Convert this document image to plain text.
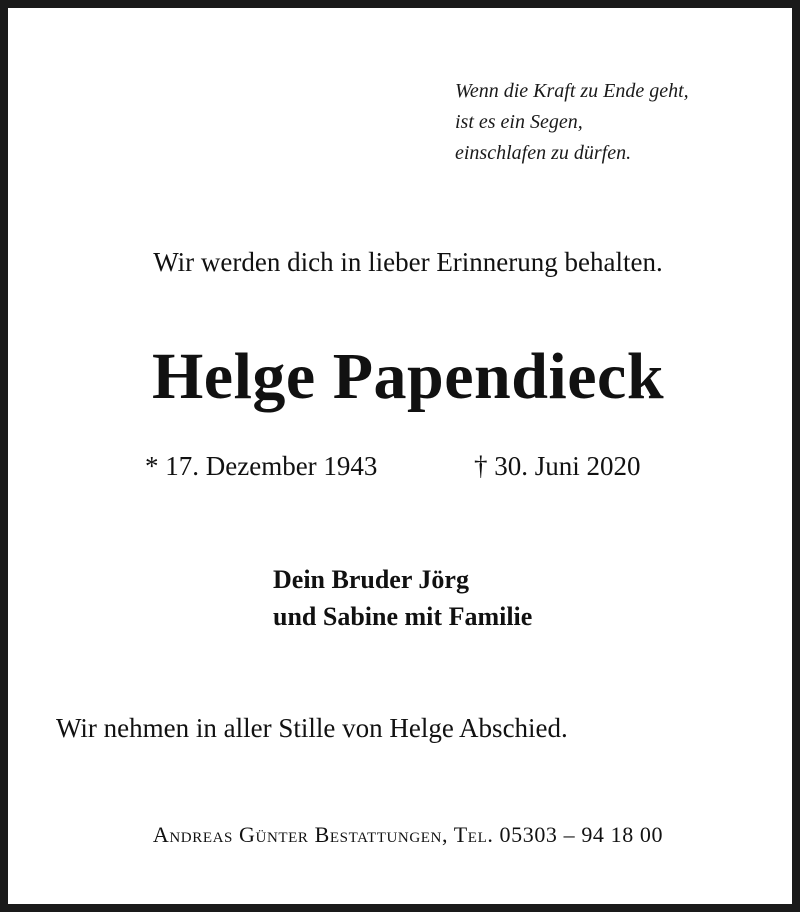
Wenn die Kraft zu Ende geht,
ist es ein Segen,
einschlafen zu dürfen.
Wir werden dich in lieber Erinnerung behalten.
Helge Papendieck
* 17. Dezember 1943	† 30. Juni 2020
Dein Bruder Jörg
und Sabine mit Familie
Wir nehmen in aller Stille von Helge Abschied.
Andreas Günter Bestattungen, Tel. 05303 – 94 18 00
